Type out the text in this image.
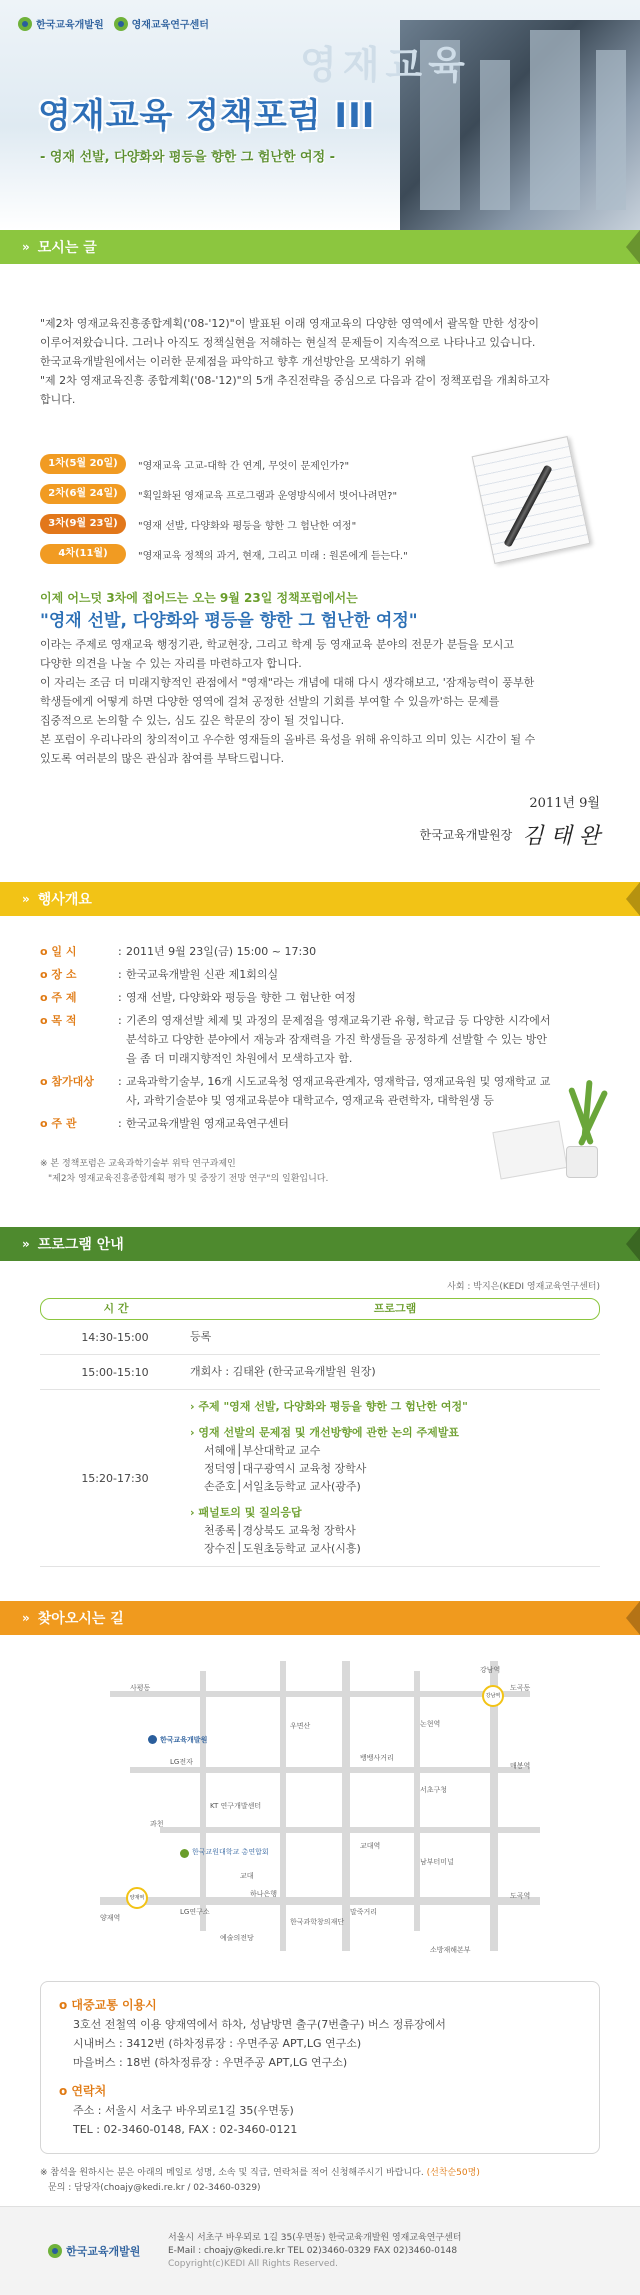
한국교육개발원	영재교육연구센터
영재교육
영재교육 정책포럼 III
- 영재 선발, 다양화와 평등을 향한 그 험난한 여정 -
» 모시는 글

"제2차 영재교육진흥종합계획('08-'12)"이 발표된 이래 영재교육의 다양한 영역에서 괄목할 만한 성장이

이루어져왔습니다. 그러나 아직도 정책실현을 저해하는 현실적 문제들이 지속적으로 나타나고 있습니다.

한국교육개발원에서는 이러한 문제점을 파악하고 향후 개선방안을 모색하기 위해

"제 2차 영재교육진흥 종합계획('08-'12)"의 5개 추진전략을 중심으로 다음과 같이 정책포럼을 개최하고자

합니다.

1차(5월 20일)	"영재교육 고교-대학 간 연계, 무엇이 문제인가?"
2차(6월 24일)	"획일화된 영재교육 프로그램과 운영방식에서 벗어나려면?"
3차(9월 23일)	"영재 선발, 다양화와 평등을 향한 그 험난한 여정"
4차(11월)	"영재교육 정책의 과거, 현재, 그리고 미래 : 원론에게 듣는다."
이제 어느덧 3차에 접어드는 오는 9월 23일 정책포럼에서는
"영재 선발, 다양화와 평등을 향한 그 험난한 여정"

이라는 주제로 영재교육 행정기관, 학교현장, 그리고 학계 등 영재교육 분야의 전문가 분들을 모시고

다양한 의견을 나눌 수 있는 자리를 마련하고자 합니다.

이 자리는 조금 더 미래지향적인 관점에서 "영재"라는 개념에 대해 다시 생각해보고, '잠재능력이 풍부한

학생들에게 어떻게 하면 다양한 영역에 걸쳐 공정한 선발의 기회를 부여할 수 있을까'하는 문제를

집중적으로 논의할 수 있는, 심도 깊은 학문의 장이 될 것입니다.

본 포럼이 우리나라의 창의적이고 우수한 영재들의 올바른 육성을 위해 유익하고 의미 있는 시간이 될 수

있도록 여러분의 많은 관심과 참여를 부탁드립니다.

2011년 9월
한국교육개발원장 김 태 완
» 행사개요
o 일 시	: 2011년 9월 23일(금) 15:00 ~ 17:30
o 장 소	: 한국교육개발원 신관 제1회의실
o 주 제	: 영재 선발, 다양화와 평등을 향한 그 험난한 여정
o 목 적	: 기존의 영재선발 체제 및 과정의 문제점을 영재교육기관 유형, 학교급 등 다양한 시각에서 분석하고 다양한 분야에서 재능과 잠재력을 가진 학생들을 공정하게 선발할 수 있는 방안을 좀 더 미래지향적인 차원에서 모색하고자 함.
o 참가대상	: 교육과학기술부, 16개 시도교육청 영재교육관계자, 영재학급, 영재교육원 및 영재학교 교사, 과학기술분야 및 영재교육분야 대학교수, 영재교육 관련학자, 대학원생 등
o 주 관	: 한국교육개발원 영재교육연구센터
※ 본 정책포럼은 교육과학기술부 위탁 연구과제인
"제2차 영재교육진흥종합계획 평가 및 중장기 전망 연구"의 일환입니다.
» 프로그램 안내
사회 : 박지은(KEDI 영재교육연구센터)
시 간	프로그램
14:30-15:00	등록
15:00-15:10	개회사 : 김태완 (한국교육개발원 원장)
15:20-17:30
› 주제 "영재 선발, 다양화와 평등을 향한 그 험난한 여정"
› 영재 선발의 문제점 및 개선방향에 관한 논의 주제발표
서혜애│부산대학교 교수
정덕영│대구광역시 교육청 장학사
손준호│서일초등학교 교사(광주)
› 패널토의 및 질의응답
천종록│경상북도 교육청 장학사
장수진│도원초등학교 교사(시흥)
» 찾아오시는 길
강남역
양재역
사평동
강남역
논현역
도곡동
한국교육개발원
LG전자
KT 연구개발센터
과천
한국교원대학교 총연합회
교대
우면산
LG연구소
하나은행
교대역
양재역
서초구청
남부터미널
한국과학창의재단
매봉역
도곡역
소방재해본부
말죽거리
뱅뱅사거리
예술의전당
o 대중교통 이용시
3호선 전철역 이용 양재역에서 하차, 성남방면 출구(7번출구) 버스 정류장에서
시내버스 : 3412번 (하차정류장 : 우면주공 APT,LG 연구소)
마을버스 : 18번 (하차정류장 : 우면주공 APT,LG 연구소)
o 연락처
주소 : 서울시 서초구 바우뫼로1길 35(우면동)
TEL : 02-3460-0148, FAX : 02-3460-0121
※ 참석을 원하시는 분은 아래의 메일로 성명, 소속 및 직급, 연락처를 적어 신청해주시기 바랍니다. (선착순50명)
문의 : 담당자(choajy@kedi.re.kr / 02-3460-0329)
한국교육개발원
서울시 서초구 바우뫼로 1길 35(우면동) 한국교육개발원 영재교육연구센터
E-Mail : choajy@kedi.re.kr TEL 02)3460-0329 FAX 02)3460-0148
Copyright(c)KEDI All Rights Reserved.
